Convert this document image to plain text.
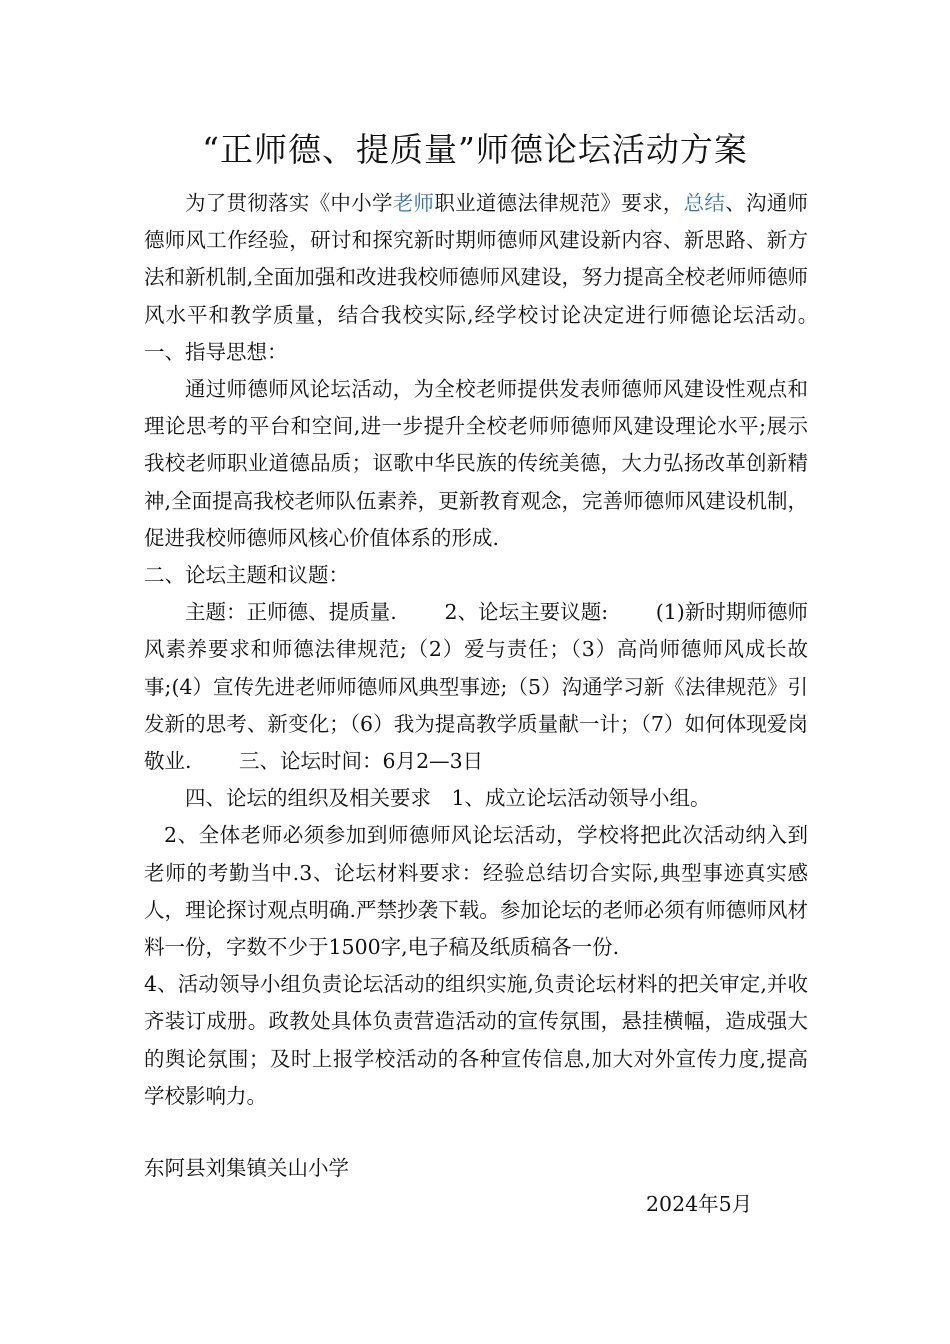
“正师德、提质量”师德论坛活动方案

为了贯彻落实《中小学老师职业道德法律规范》要求，总结、沟通师德师风工作经验，研讨和探究新时期师德师风建设新内容、新思路、新方法和新机制,全面加强和改进我校师德师风建设，努力提高全校老师师德师风水平和教学质量，结合我校实际,经学校讨论决定进行师德论坛活动。　　 一、指导思想：

通过师德师风论坛活动，为全校老师提供发表师德师风建设性观点和理论思考的平台和空间,进一步提升全校老师师德师风建设理论水平;展示我校老师职业道德品质；讴歌中华民族的传统美德，大力弘扬改革创新精神,全面提高我校老师队伍素养，更新教育观念，完善师德师风建设机制，促进我校师德师风核心价值体系的形成.

二、论坛主题和议题：

主题：正师德、提质量.　　 2、论坛主要议题:　　 (1)新时期师德师风素养要求和师德法律规范;（2）爱与责任；（3）高尚师德师风成长故事;(4）宣传先进老师师德师风典型事迹;（5）沟通学习新《法律规范》引发新的思考、新变化；（6）我为提高教学质量献一计；（7）如何体现爱岗敬业.　　 三、论坛时间：6月2—3日

四、论坛的组织及相关要求　1、成立论坛活动领导小组。

2、全体老师必须参加到师德师风论坛活动，学校将把此次活动纳入到老师的考勤当中.3、论坛材料要求：经验总结切合实际,典型事迹真实感人，理论探讨观点明确.严禁抄袭下载。参加论坛的老师必须有师德师风材料一份，字数不少于1500字,电子稿及纸质稿各一份.

4、活动领导小组负责论坛活动的组织实施,负责论坛材料的把关审定,并收齐装订成册。政教处具体负责营造活动的宣传氛围，悬挂横幅，造成强大的舆论氛围；及时上报学校活动的各种宣传信息,加大对外宣传力度,提高学校影响力。

东阿县刘集镇关山小学
2024年5月
